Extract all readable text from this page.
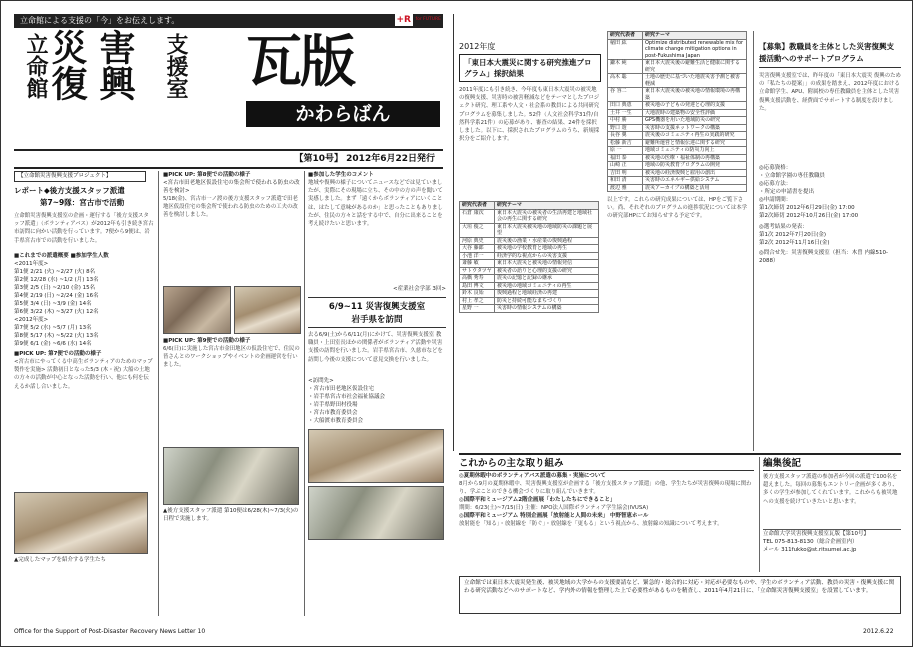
立命館による支援の「今」をお伝えします。	+R for FUTURE
立命館
災復 害興 支援室 瓦版
かわらばん
【第10号】 2012年6月22日発行
【立命館災害復興支援プロジェクト】
レポート◆後方支援スタッフ派遣
第7~9隊：宮古市で活動
立命館災害復興支援室の企画・運行する「後方支援スタッフ派遣」（ボランティアバス）が2012年も引き続き宮古市訪問に向かい活動を行っています。7便から9便は、岩手県宮古市での活動を行いました。
■これまでの派遣概要 ■参加学生人数
<2011年度>
第1便 2/21 (火) ~2/27 (火) 8名
第2便 12/28 (水) ~1/2 (月) 13名
第3便 2/5 (日) ~2/10 (金) 15名
第4便 2/19 (日) ~2/24 (金) 16名
第5便 3/4 (日) ~3/9 (金) 14名
第6便 3/22 (木) ~3/27 (火) 12名
<2012年度>
第7便 5/2 (水) ~5/7 (月) 13名
第8便 5/17 (木) ~5/22 (火) 13名
第9便 6/1 (金) ~6/6 (水) 14名
■PICK UP: 第7便での活動の様子
<宮古市にやってくる中高生ボランティアのためのマップ製作を実施> 活動初日となった5/3 (木・祝) 大船の土地の方々の活動が中心となった活動を行い、他にも何を伝えるか話し合いました。
▲完成したマップを紹介する学生たち
■PICK UP: 第8便での活動の様子
<宮古市田老地区仮設住宅の集会所で使われる防虫の改善を検討>
5/18(金)、宮古市一ノ渡の後方支援スタッフ派遣で田老地区仮設住宅の集会所で使われる防虫のための工夫の改善を検討しました。
■PICK UP: 第9便での活動の様子
6/6(日)に実施した宮古市金田地区の仮設住宅で、住民の皆さんとのワークショップやイベントの企画運営を行いました。
▲後方支援スタッフ派遣 第10便は6/28(木)~7/3(火)の日程で実施します。
■参加した学生のコメント
地域や復興の様子についてニュースなどでは見ていましたが、実際にその現場に立ち、その中の方の声を聞いて実感しました。まず「遠くからボランティアにいくことは、はたして意味があるのか」と思ったこともありましたが、住民の方々と話をする中で、自分に出来ることを考え続けたいと思います。
<産業社会学部 3回>
6/9~11 災害復興支援室
岩手県を訪問
去る6/9(土)から6/11(月)にかけて、災害復興支援室 教職員・上田室長ほかの関係者がボランティア活動や災害支援の訪問を行いました。岩手県宮古市、久慈市などを訪問し今後の支援について意見交換を行いました。
<訪問先>
・宮古市田老地区仮設住宅
・岩手県宮古市社会福祉協議会
・岩手県野田村役場
・宮古市教育委員会
・大船渡市教育委員会
2012年度
「東日本大震災に関する研究推進プログラム」採択結果
2011年度にも引き続き、今年度も東日本大震災の被災地の復興支援、災害時の被害軽減などをテーマとしたプロジェクト研究、理工系や人文・社会系の教員による共同研究プログラムを募集しました。52件（人文社会科学31件/自然科学系21件）の応募があり、審査の結果、24件を採択しました。以下に、採択されたプログラムのうち、新規採択分をご紹介します。
研究代表者	研究テーマ
石倉 康次	東日本大震災の被災者の生活再建と地域社会の再生に関する研究
大垣 俊之	東日本大震災被災地の地域防災の課題と展望
河原 典史	震災後の漁業・水産業の復興過程
大谷 藤郎	被災地の学校教育と地域の再生
小池 洋一	経済学的な視点からの災害支援
斎藤 敏	東日本大震災と被災地の情報発信
サトウタツヤ	被災者の語りと心理的支援の研究
高橋 秀寿	震災の記憶と記録の継承
島田 博文	被災地の地域コミュニティの再生
鈴木 良始	復興過程と地域経済の再建
村上 孝之	防災と持続可能なまちづくり
星野 一	災害時の情報システムの構築
研究代表者	研究テーマ
稲田 紘	Optimize distributed renewable mix for climate change mitigation options in post-Fukushima Japan
鎌木 純	東日本大震災後の避難生活と健康に関する研究
高木 聡	土地の歴史に基づいた地震災害予測と被害軽減
谷 容二	東日本大震災後の被災地の情報環境の再構築
田口 典恵	被災地の子どもの発達と心理的支援
土井 一生	大地震時の建築物の安全性評価
中村 勝	GPS機器を用いた地域防災の研究
野口 遊	災害時の支援ネットワークの構築
長谷 翼	震災後のコミュニティ再生の実践的研究
松藤 新吉	避難所運営と情報伝達に関する研究
原 一	地域コミュニティの防災力向上
福田 泰	被災地の医療・福祉体制の再構築
山崎 正	地域の防災教育プログラムの開発
吉田 明	被災地の経済復興と雇用の創出
和田 清	災害時のエネルギー供給システム
渡辺 雅	震災アーカイブの構築と活用
以上です。これらの研究成果については、HPをご覧下さい。尚、それぞれのプログラムの進捗状況については本学の研究部HPにてお知らせする予定です。
【募集】教職員を主体とした災害復興支援活動へのサポートプログラム
災害復興支援室では、昨年度の「東日本大震災 復興のための「私たちの提案」」の成果を踏まえ、2012年度における立命館学生、APU、附属校の専任教職員を主体とした災害復興支援活動を、経費面でサポートする制度を設けました。
◎応募資格：
・立命館学園の専任教職員
◎応募方法：
・所定の申請書を提出
◎申請期間：
第1次締切 2012年6月29日(金) 17:00
第2次締切 2012年10月26日(金) 17:00
◎選考結果の発表：
第1次 2012年7月20日(金)
第2次 2012年11月16日(金)
◎問合せ先：災害復興支援室（担当：木曽 内線510-2088）
これからの主な取り組み
◎夏期休暇中のボランティアバス派遣の募集・実施について
8月から9月の夏期休暇中、災害復興支援室が企画する「後方支援スタッフ派遣」の他、学生たちが災害復興の現場に関わり、学ぶことのできる機会づくりに取り組んでいきます。
◎国際平和ミュージアム2階企画展「わたしたちにできること」
期間：6/23(土)~7/15(日) 主催：NPO法人国際ボランティア学生協会(IVUSA)
◎国際平和ミュージアム 特別企画展「放射能と人間の未来」 中野智恵ホール
放射能を「知る」・放射線を「防ぐ」・放射線を「更もる」という視点から、放射線の知識について考えます。
編集後記
後方支援スタッフ派遣の参加者が今回の派遣で100名を超えました。毎回の募集もエントリー企画が多くあり、多くの学生が参加してくれています。これからも被災地への支援を続けていきたいと思います。
立命館大学災害復興支援室瓦版【第10号】
TEL 075-813-8130（総合企画室内）
メール 311fukko@st.ritsumei.ac.jp
立命館では東日本大震災発生後、被災地域の大学からの支援要請など、緊急的・総合的に対応・対応が必要なものや、学生のボランティア活動、教員の災害・復興支援に関わる研究活動などへのサポートなど、学内外の情報を整理した上で必要性があるものを精査し、2011年4月21日に、「立命館災害復興支援室」を設置しています。
Office for the Support of Post-Disaster Recovery News Letter 10	2012.6.22
